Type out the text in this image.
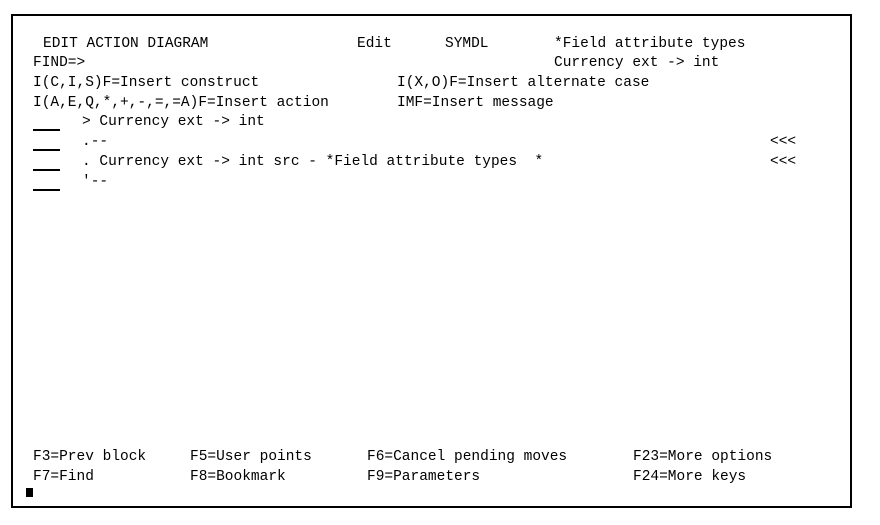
EDIT ACTION DIAGRAM	Edit	SYMDL	*Field attribute types
FIND=>	Currency ext -> int
I(C,I,S)F=Insert construct	I(X,O)F=Insert alternate case
I(A,E,Q,*,+,-,=,=A)F=Insert action	IMF=Insert message
> Currency ext -> int
.--	<<<
. Currency ext -> int src - *Field attribute types  *	<<<
'--
F3=Prev block	F5=User points	F6=Cancel pending moves	F23=More options
F7=Find	F8=Bookmark	F9=Parameters	F24=More keys
